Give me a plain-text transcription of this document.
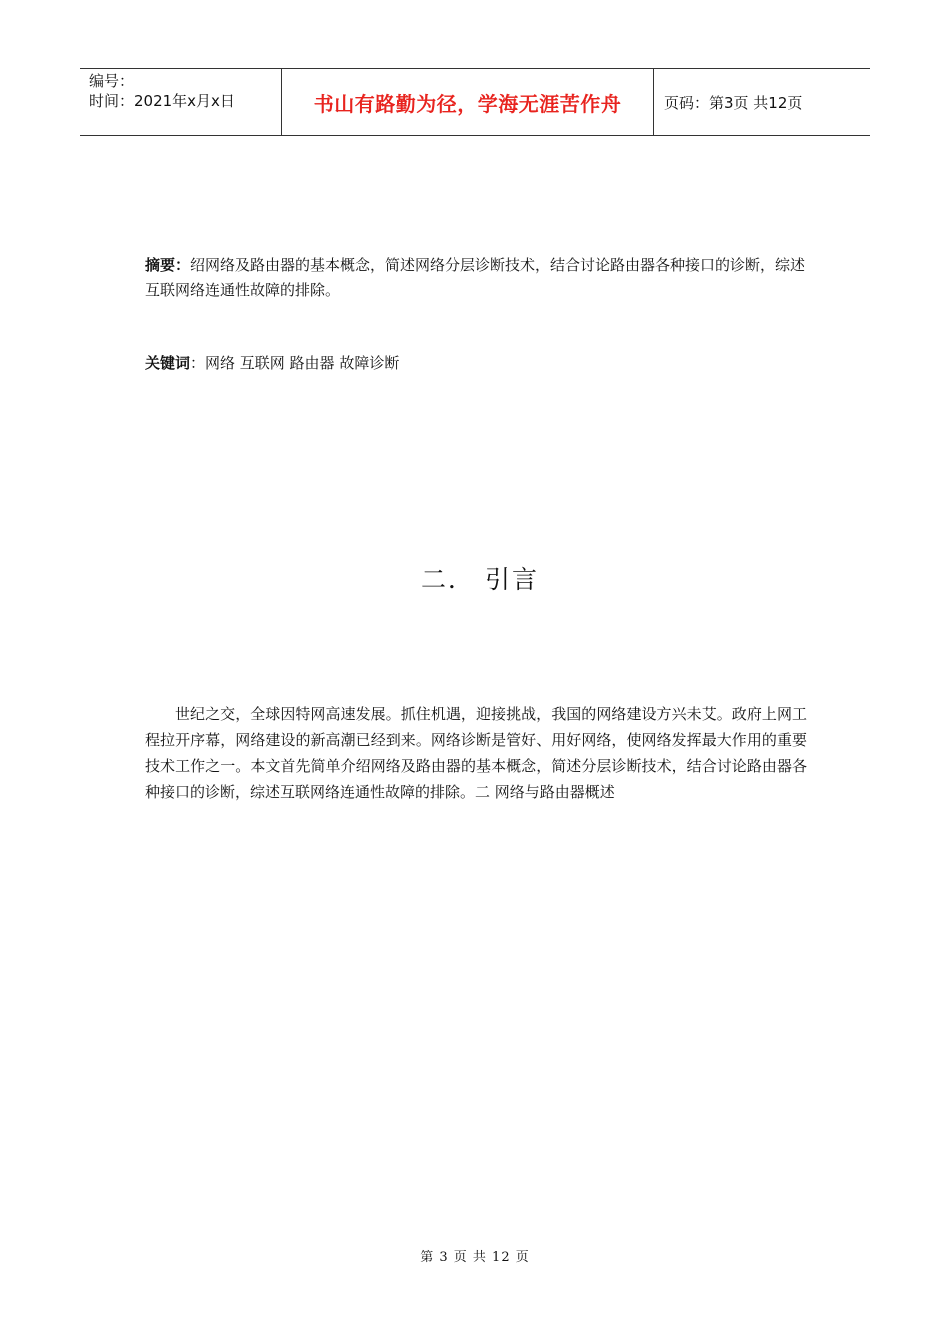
编号：
时间：2021年x月x日	书山有路勤为径，学海无涯苦作舟	页码：第3页 共12页
摘要：绍网络及路由器的基本概念，简述网络分层诊断技术，结合讨论路由器各种接口的诊断，综述互联网络连通性故障的排除。
关键词：网络 互联网 路由器 故障诊断
二． 引言
世纪之交，全球因特网高速发展。抓住机遇，迎接挑战，我国的网络建设方兴未艾。政府上网工程拉开序幕，网络建设的新高潮已经到来。网络诊断是管好、用好网络，使网络发挥最大作用的重要技术工作之一。本文首先简单介绍网络及路由器的基本概念，简述分层诊断技术，结合讨论路由器各种接口的诊断，综述互联网络连通性故障的排除。二 网络与路由器概述
第 3 页 共 12 页
